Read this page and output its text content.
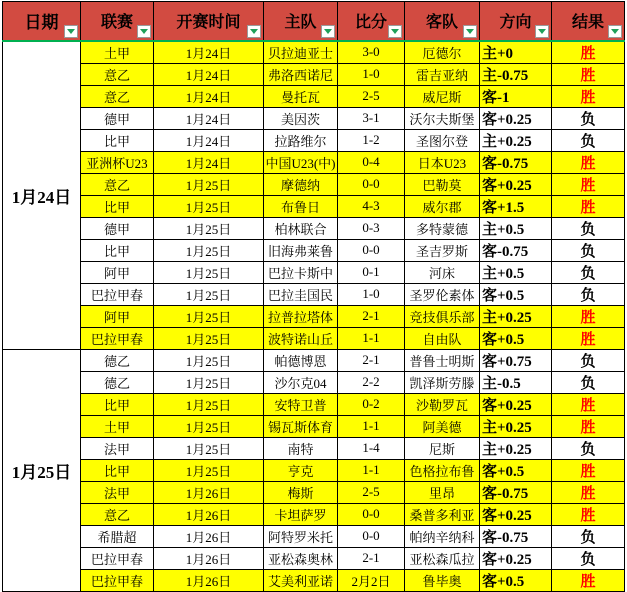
日期	联赛	开赛时间	主队	比分	客队	方向	结果

1月24日	土甲	1月24日	贝拉迪亚士	3-0	厄德尔	主+0	胜
	意乙	1月24日	弗洛西诺尼	1-0	雷吉亚纳	主-0.75	胜
	意乙	1月24日	曼托瓦	2-5	威尼斯	客-1	胜
	德甲	1月24日	美因茨	3-1	沃尔夫斯堡	客+0.25	负
	比甲	1月24日	拉路维尔	1-2	圣图尔登	主+0.25	负
	亚洲杯U23	1月24日	中国U23(中)	0-4	日本U23	客-0.75	胜
	意乙	1月25日	摩德纳	0-0	巴勒莫	客+0.25	胜
	比甲	1月25日	布鲁日	4-3	威尔郡	客+1.5	胜
	德甲	1月25日	柏林联合	0-3	多特蒙德	主+0.5	负
	比甲	1月25日	旧海弗莱鲁	0-0	圣吉罗斯	客-0.75	负
	阿甲	1月25日	巴拉卡斯中	0-1	河床	主+0.5	负
	巴拉甲春	1月25日	巴拉圭国民	1-0	圣罗伦素体	客+0.5	负
	阿甲	1月25日	拉普拉塔体	2-1	竞技俱乐部	主+0.25	胜
	巴拉甲春	1月25日	波特诺山丘	1-1	自由队	客+0.5	胜
1月25日	德乙	1月25日	帕德博恩	2-1	普鲁士明斯	客+0.75	负
	德乙	1月25日	沙尔克04	2-2	凯泽斯劳滕	主-0.5	负
	比甲	1月25日	安特卫普	0-2	沙勒罗瓦	客+0.25	胜
	土甲	1月25日	锡瓦斯体育	1-1	阿美德	主+0.25	胜
	法甲	1月25日	南特	1-4	尼斯	主+0.25	负
	比甲	1月25日	亨克	1-1	色格拉布鲁	客+0.5	胜
	法甲	1月26日	梅斯	2-5	里昂	客-0.75	胜
	意乙	1月26日	卡坦萨罗	0-0	桑普多利亚	客+0.25	胜
	希腊超	1月26日	阿特罗米托	0-0	帕纳辛纳科	客-0.75	负
	巴拉甲春	1月26日	亚松森奥林	2-1	亚松森瓜拉	客+0.25	负
	巴拉甲春	1月26日	艾美利亚诺	2月2日	鲁毕奥	客+0.5	胜
